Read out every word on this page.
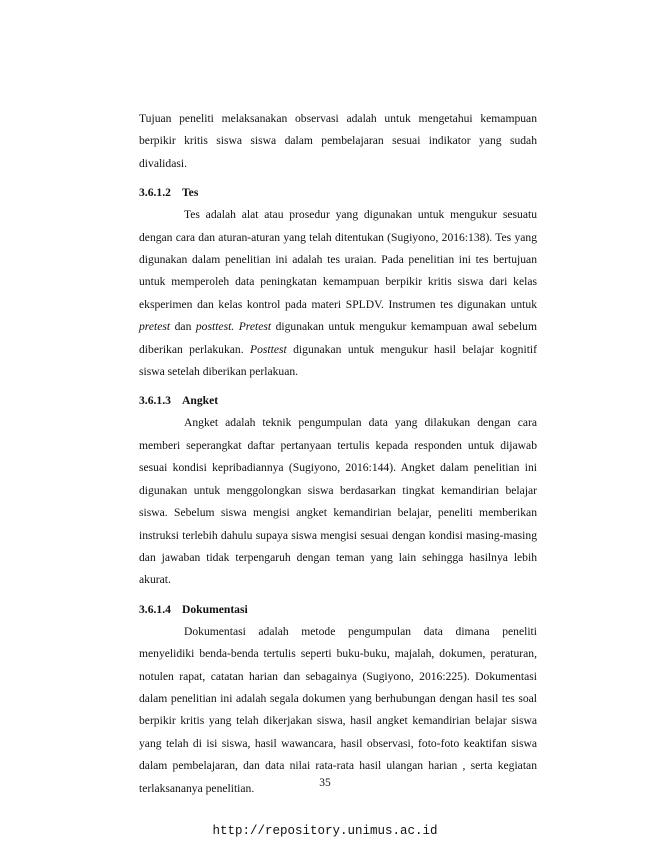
Tujuan peneliti melaksanakan observasi adalah untuk mengetahui kemampuan berpikir kritis siswa siswa dalam pembelajaran sesuai indikator yang sudah divalidasi.

3.6.1.2 Tes

Tes adalah alat atau prosedur yang digunakan untuk mengukur sesuatu dengan cara dan aturan-aturan yang telah ditentukan (Sugiyono, 2016:138). Tes yang digunakan dalam penelitian ini adalah tes uraian. Pada penelitian ini tes bertujuan untuk memperoleh data peningkatan kemampuan berpikir kritis siswa dari kelas eksperimen dan kelas kontrol pada materi SPLDV. Instrumen tes digunakan untuk pretest dan posttest. Pretest digunakan untuk mengukur kemampuan awal sebelum diberikan perlakukan. Posttest digunakan untuk mengukur hasil belajar kognitif siswa setelah diberikan perlakuan.

3.6.1.3 Angket

Angket adalah teknik pengumpulan data yang dilakukan dengan cara memberi seperangkat daftar pertanyaan tertulis kepada responden untuk dijawab sesuai kondisi kepribadiannya (Sugiyono, 2016:144). Angket dalam penelitian ini digunakan untuk menggolongkan siswa berdasarkan tingkat kemandirian belajar siswa. Sebelum siswa mengisi angket kemandirian belajar, peneliti memberikan instruksi terlebih dahulu supaya siswa mengisi sesuai dengan kondisi masing-masing dan jawaban tidak terpengaruh dengan teman yang lain sehingga hasilnya lebih akurat.

3.6.1.4 Dokumentasi

Dokumentasi adalah metode pengumpulan data dimana peneliti menyelidiki benda-benda tertulis seperti buku-buku, majalah, dokumen, peraturan, notulen rapat, catatan harian dan sebagainya (Sugiyono, 2016:225). Dokumentasi dalam penelitian ini adalah segala dokumen yang berhubungan dengan hasil tes soal berpikir kritis yang telah dikerjakan siswa, hasil angket kemandirian belajar siswa yang telah di isi siswa, hasil wawancara, hasil observasi, foto-foto keaktifan siswa dalam pembelajaran, dan data nilai rata-rata hasil ulangan harian , serta kegiatan terlaksananya penelitian.	35
http://repository.unimus.ac.id
